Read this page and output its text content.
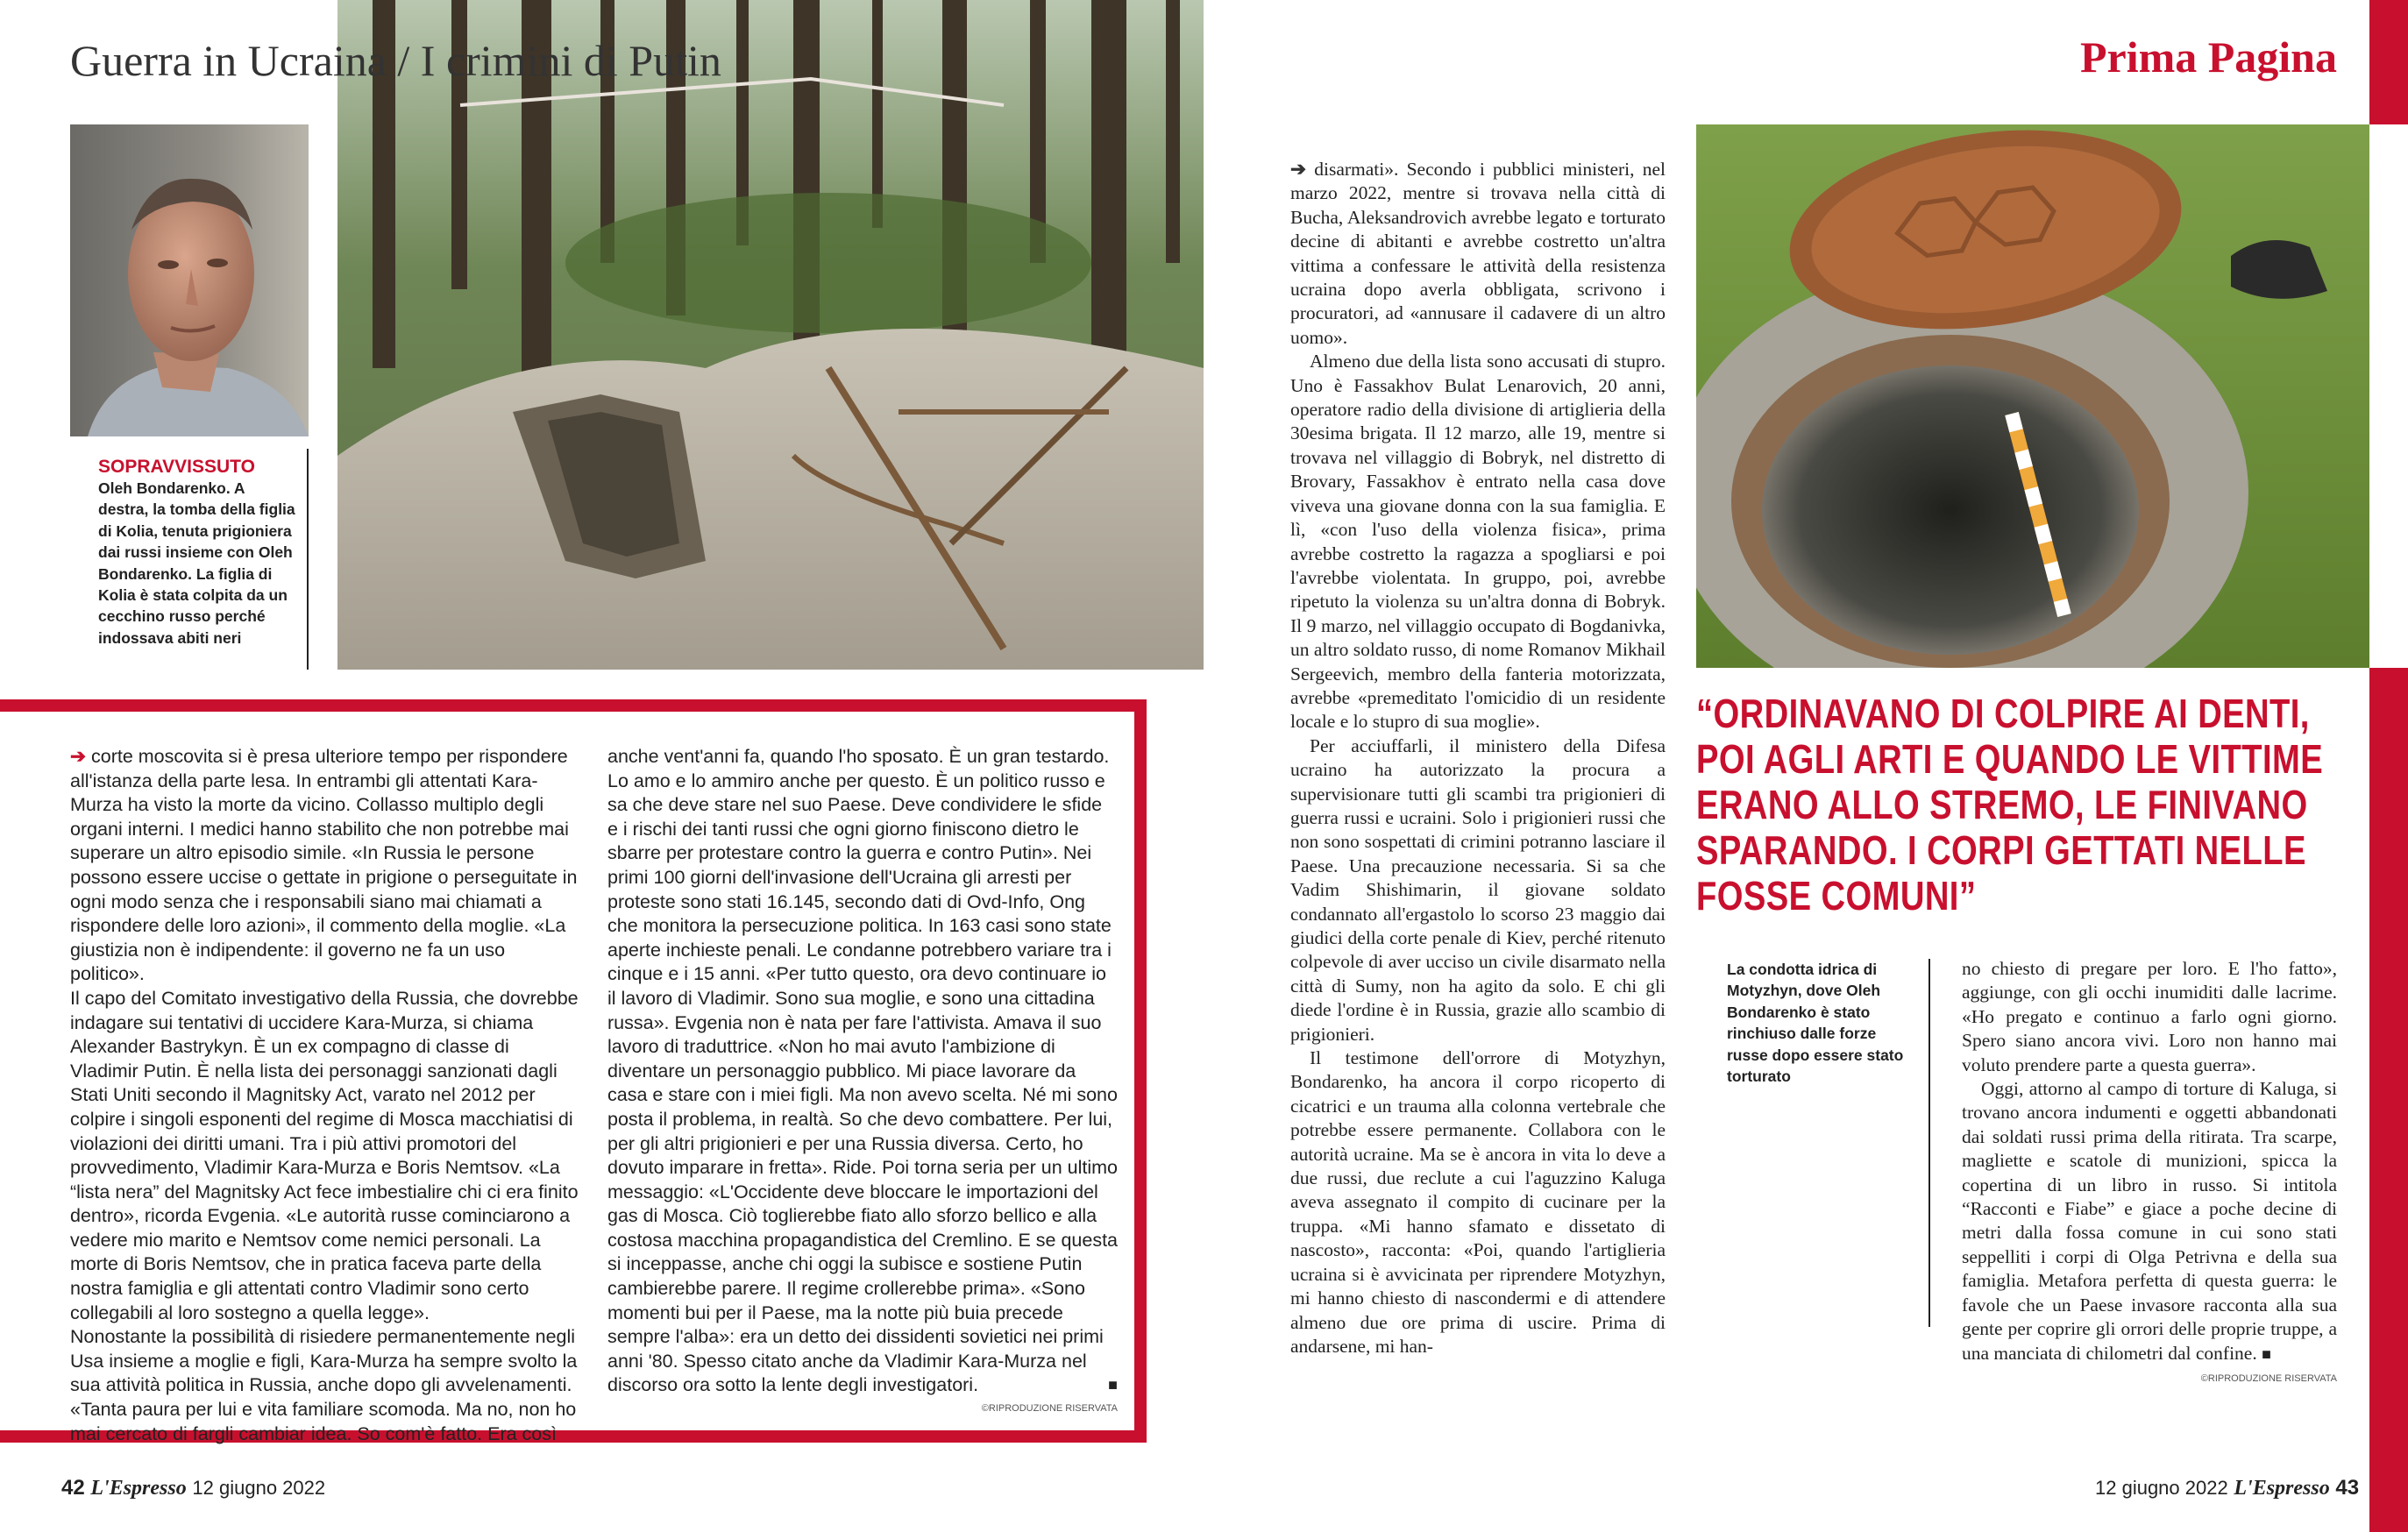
Guerra in Ucraina / I crimini di Putin	Prima Pagina
SOPRAVVISSUTO
Oleh Bondarenko. A destra, la tomba della figlia di Kolia, tenuta prigioniera dai russi insieme con Oleh Bondarenko. La figlia di Kolia è stata colpita da un cecchino russo perché indossava abiti neri

➔ corte moscovita si è presa ulteriore tempo per rispondere all'istanza della parte lesa. In entrambi gli attentati Kara-Murza ha visto la morte da vicino. Collasso multiplo degli organi interni. I medici hanno stabilito che non potrebbe mai superare un altro episodio simile. «In Russia le persone possono essere uccise o gettate in prigione o perseguitate in ogni modo senza che i responsabili siano mai chiamati a rispondere delle loro azioni», il commento della moglie. «La giustizia non è indipendente: il governo ne fa un uso politico».

Il capo del Comitato investigativo della Russia, che dovrebbe indagare sui tentativi di uccidere Kara-Murza, si chiama Alexander Bastrykyn. È un ex compagno di classe di Vladimir Putin. È nella lista dei personaggi sanzionati dagli Stati Uniti secondo il Magnitsky Act, varato nel 2012 per colpire i singoli esponenti del regime di Mosca macchiatisi di violazioni dei diritti umani. Tra i più attivi promotori del provvedimento, Vladimir Kara-Murza e Boris Nemtsov. «La “lista nera” del Magnitsky Act fece imbestialire chi ci era finito dentro», ricorda Evgenia. «Le autorità russe cominciarono a vedere mio marito e Nemtsov come nemici personali. La morte di Boris Nemtsov, che in pratica faceva parte della nostra famiglia e gli attentati contro Vladimir sono certo collegabili al loro sostegno a quella legge».

Nonostante la possibilità di risiedere permanentemente negli Usa insieme a moglie e figli, Kara-Murza ha sempre svolto la sua attività politica in Russia, anche dopo gli avvelenamenti. «Tanta paura per lui e vita familiare scomoda. Ma no, non ho mai cercato di fargli cambiar idea. So com'è fatto. Era così

anche vent'anni fa, quando l'ho sposato. È un gran testardo. Lo amo e lo ammiro anche per questo. È un politico russo e sa che deve stare nel suo Paese. Deve condividere le sfide e i rischi dei tanti russi che ogni giorno finiscono dietro le sbarre per protestare contro la guerra e contro Putin». Nei primi 100 giorni dell'invasione dell'Ucraina gli arresti per proteste sono stati 16.145, secondo dati di Ovd-Info, Ong che monitora la persecuzione politica. In 163 casi sono state aperte inchieste penali. Le condanne potrebbero variare tra i cinque e i 15 anni. «Per tutto questo, ora devo continuare io il lavoro di Vladimir. Sono sua moglie, e sono una cittadina russa». Evgenia non è nata per fare l'attivista. Amava il suo lavoro di traduttrice. «Non ho mai avuto l'ambizione di diventare un personaggio pubblico. Mi piace lavorare da casa e stare con i miei figli. Ma non avevo scelta. Né mi sono posta il problema, in realtà. So che devo combattere. Per lui, per gli altri prigionieri e per una Russia diversa. Certo, ho dovuto imparare in fretta». Ride. Poi torna seria per un ultimo messaggio: «L'Occidente deve bloccare le importazioni del gas di Mosca. Ciò toglierebbe fiato allo sforzo bellico e alla costosa macchina propagandistica del Cremlino. E se questa si inceppasse, anche chi oggi la subisce e sostiene Putin cambierebbe parere. Il regime crollerebbe prima». «Sono momenti bui per il Paese, ma la notte più buia precede sempre l'alba»: era un detto dei dissidenti sovietici nei primi anni '80. Spesso citato anche da Vladimir Kara-Murza nel discorso ora sotto la lente degli investigatori.	■

©RIPRODUZIONE RISERVATA

➔ disarmati». Secondo i pubblici ministeri, nel marzo 2022, mentre si trovava nella città di Bucha, Aleksandrovich avrebbe legato e torturato decine di abitanti e avrebbe costretto un'altra vittima a confessare le attività della resistenza ucraina dopo averla obbligata, scrivono i procuratori, ad «annusare il cadavere di un altro uomo».

Almeno due della lista sono accusati di stupro. Uno è Fassakhov Bulat Lenarovich, 20 anni, operatore radio della divisione di artiglieria della 30esima brigata. Il 12 marzo, alle 19, mentre si trovava nel villaggio di Bobryk, nel distretto di Brovary, Fassakhov è entrato nella casa dove viveva una giovane donna con la sua famiglia. E lì, «con l'uso della violenza fisica», prima avrebbe costretto la ragazza a spogliarsi e poi l'avrebbe violentata. In gruppo, poi, avrebbe ripetuto la violenza su un'altra donna di Bobryk. Il 9 marzo, nel villaggio occupato di Bogdanivka, un altro soldato russo, di nome Romanov Mikhail Sergeevich, membro della fanteria motorizzata, avrebbe «premeditato l'omicidio di un residente locale e lo stupro di sua moglie».

Per acciuffarli, il ministero della Difesa ucraino ha autorizzato la procura a supervisionare tutti gli scambi tra prigionieri di guerra russi e ucraini. Solo i prigionieri russi che non sono sospettati di crimini potranno lasciare il Paese. Una precauzione necessaria. Si sa che Vadim Shishimarin, il giovane soldato condannato all'ergastolo lo scorso 23 maggio dai giudici della corte penale di Kiev, perché ritenuto colpevole di aver ucciso un civile disarmato nella città di Sumy, non ha agito da solo. E chi gli diede l'ordine è in Russia, grazie allo scambio di prigionieri.

Il testimone dell'orrore di Motyzhyn, Bondarenko, ha ancora il corpo ricoperto di cicatrici e un trauma alla colonna vertebrale che potrebbe essere permanente. Collabora con le autorità ucraine. Ma se è ancora in vita lo deve a due russi, due reclute a cui l'aguzzino Kaluga aveva assegnato il compito di cucinare per la truppa. «Mi hanno sfamato e dissetato di nascosto», racconta: «Poi, quando l'artiglieria ucraina si è avvicinata per riprendere Motyzhyn, mi hanno chiesto di nascondermi e di attendere almeno due ore prima di uscire. Prima di andarsene, mi han-

“ORDINAVANO DI COLPIRE AI DENTI, POI AGLI ARTI E QUANDO LE VITTIME ERANO ALLO STREMO, LE FINIVANO SPARANDO. I CORPI GETTATI NELLE FOSSE COMUNI”
La condotta idrica di Motyzhyn, dove Oleh Bondarenko è stato rinchiuso dalle forze russe dopo essere stato torturato

no chiesto di pregare per loro. E l'ho fatto», aggiunge, con gli occhi inumiditi dalle lacrime. «Ho pregato e continuo a farlo ogni giorno. Spero siano ancora vivi. Loro non hanno mai voluto prendere parte a questa guerra».

Oggi, attorno al campo di torture di Kaluga, si trovano ancora indumenti e oggetti abbandonati dai soldati russi prima della ritirata. Tra scarpe, magliette e scatole di munizioni, spicca la copertina di un libro in russo. Si intitola “Racconti e Fiabe” e giace a poche decine di metri dalla fossa comune in cui sono stati seppelliti i corpi di Olga Petrivna e della sua famiglia. Metafora perfetta di questa guerra: le favole che un Paese invasore racconta alla sua gente per coprire gli orrori delle proprie truppe, a una manciata di chilometri dal confine. ■

©RIPRODUZIONE RISERVATA
42 L'Espresso 12 giugno 2022	12 giugno 2022 L'Espresso 43
